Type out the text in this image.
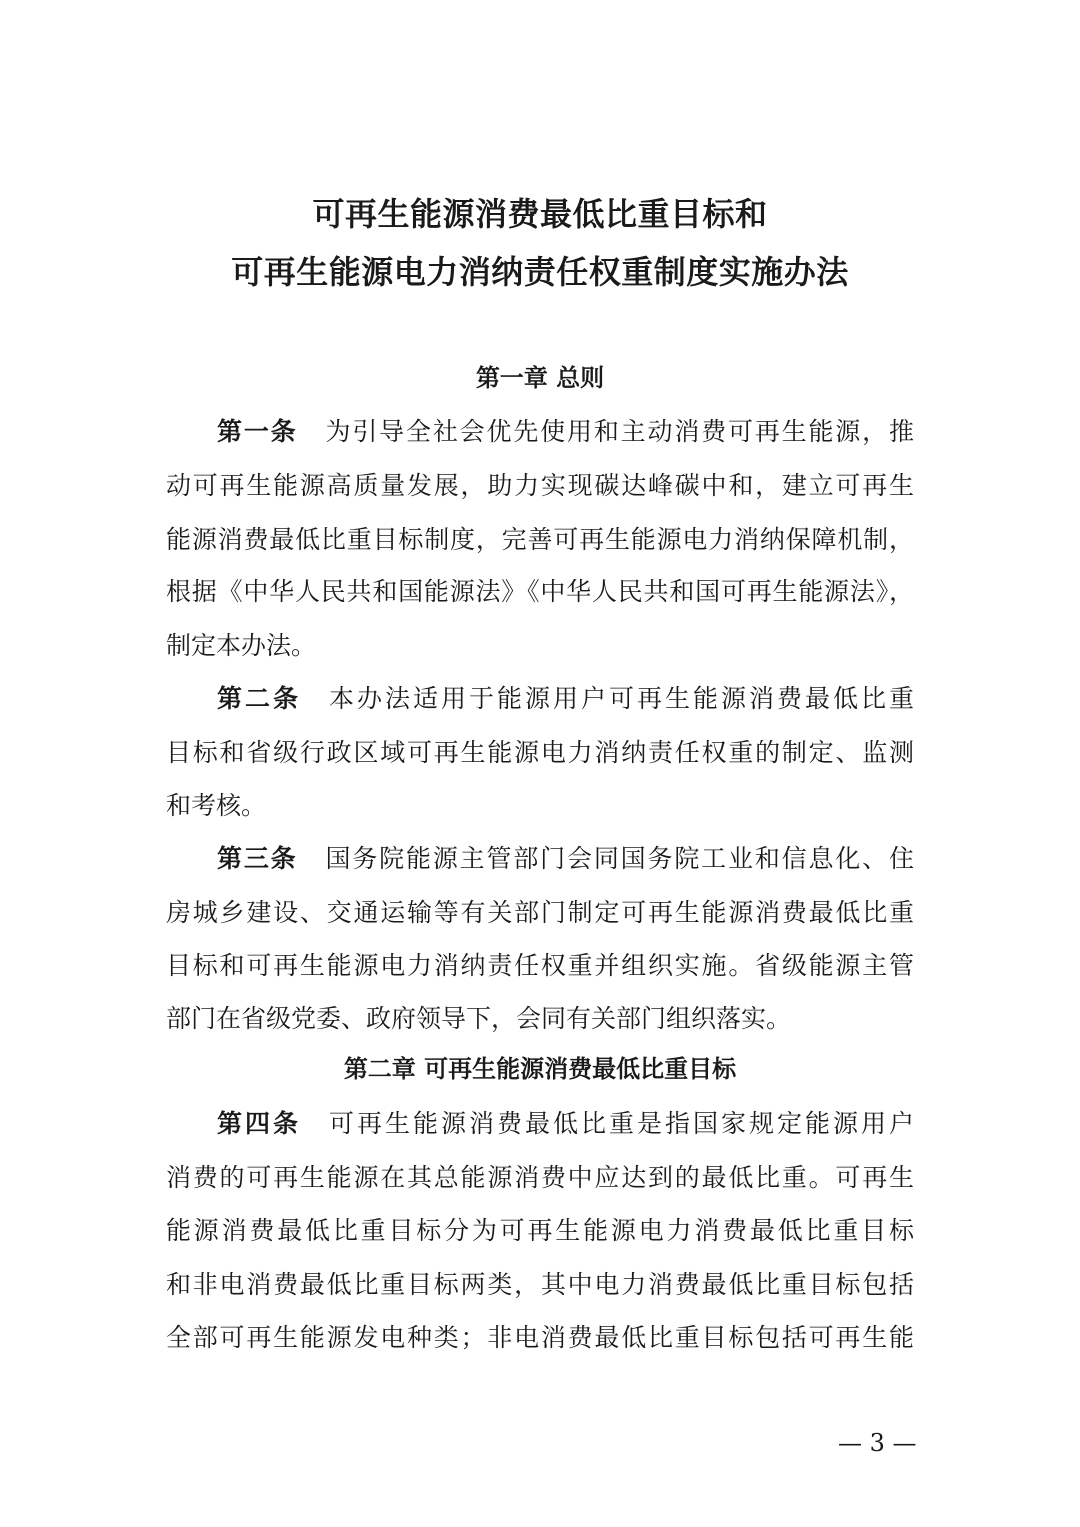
可再生能源消费最低比重目标和
可再生能源电力消纳责任权重制度实施办法
第一章 总则
第一条 为引导全社会优先使用和主动消费可再生能源，推
动可再生能源高质量发展，助力实现碳达峰碳中和，建立可再生
能源消费最低比重目标制度，完善可再生能源电力消纳保障机制，
根据《中华人民共和国能源法》《中华人民共和国可再生能源法》，
制定本办法。
第二条 本办法适用于能源用户可再生能源消费最低比重
目标和省级行政区域可再生能源电力消纳责任权重的制定、监测
和考核。
第三条 国务院能源主管部门会同国务院工业和信息化、住
房城乡建设、交通运输等有关部门制定可再生能源消费最低比重
目标和可再生能源电力消纳责任权重并组织实施。省级能源主管
部门在省级党委、政府领导下，会同有关部门组织落实。
第二章 可再生能源消费最低比重目标
第四条 可再生能源消费最低比重是指国家规定能源用户
消费的可再生能源在其总能源消费中应达到的最低比重。可再生
能源消费最低比重目标分为可再生能源电力消费最低比重目标
和非电消费最低比重目标两类，其中电力消费最低比重目标包括
全部可再生能源发电种类；非电消费最低比重目标包括可再生能
— 3 —
